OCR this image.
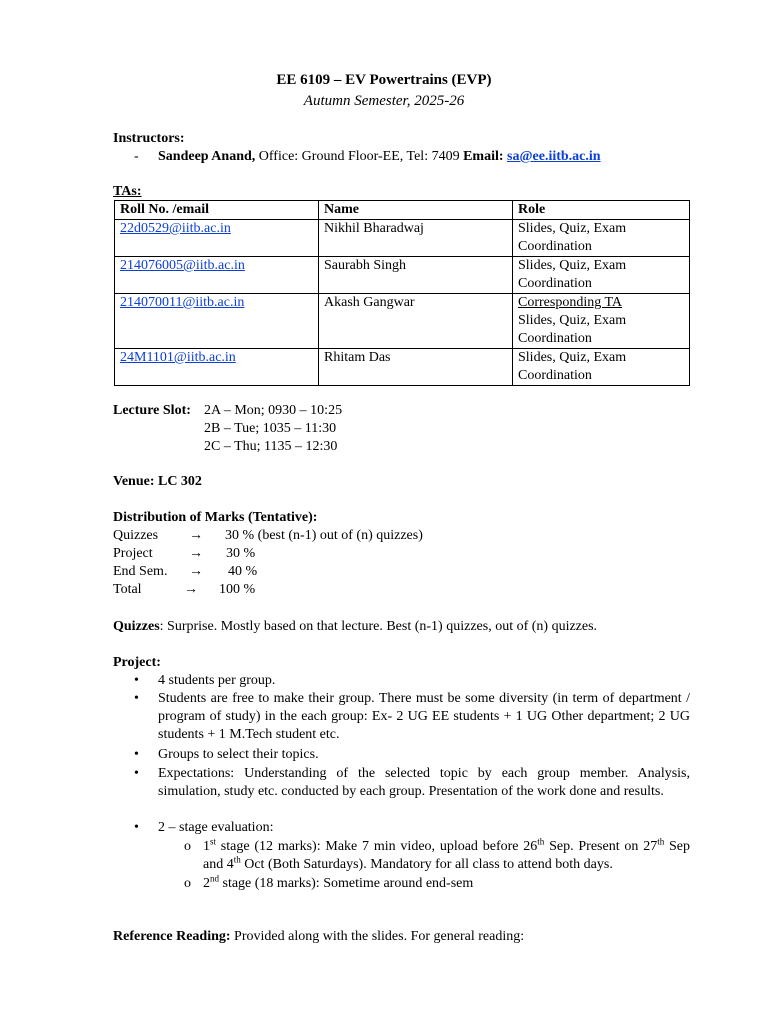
EE 6109 – EV Powertrains (EVP)
Autumn Semester, 2025-26
Instructors:
- Sandeep Anand, Office: Ground Floor-EE, Tel: 7409 Email: sa@ee.iitb.ac.in
TAs:
Roll No. /email	Name	Role
22d0529@iitb.ac.in	Nikhil Bharadwaj	Slides, Quiz, Exam
Coordination

214076005@iitb.ac.in	Saurabh Singh	Slides, Quiz, Exam
Coordination

214070011@iitb.ac.in	Akash Gangwar	Corresponding TA
Slides, Quiz, Exam
Coordination

24M1101@iitb.ac.in	Rhitam Das	Slides, Quiz, Exam
Coordination
Lecture Slot: 2A – Mon; 0930 – 10:25
2B – Tue; 1035 – 11:30
2C – Thu; 1135 – 12:30
Venue: LC 302
Distribution of Marks (Tentative):
Quizzes → 30 % (best (n-1) out of (n) quizzes)
Project	→ 30 %
End Sem. → 40 %
Total	→ 100 %
Quizzes: Surprise. Mostly based on that lecture. Best (n-1) quizzes, out of (n) quizzes.
Project:
• 4 students per group.
• Students are free to make their group. There must be some diversity (in term of department / program of study) in the each group: Ex- 2 UG EE students + 1 UG Other department; 2 UG students + 1 M.Tech student etc.
• Groups to select their topics.
• Expectations: Understanding of the selected topic by each group member. Analysis, simulation, study etc. conducted by each group. Presentation of the work done and results.
• 2 – stage evaluation:
o 1st stage (12 marks): Make 7 min video, upload before 26th Sep. Present on 27th Sep and 4th Oct (Both Saturdays). Mandatory for all class to attend both days.
o 2nd stage (18 marks): Sometime around end-sem
Reference Reading: Provided along with the slides. For general reading:
